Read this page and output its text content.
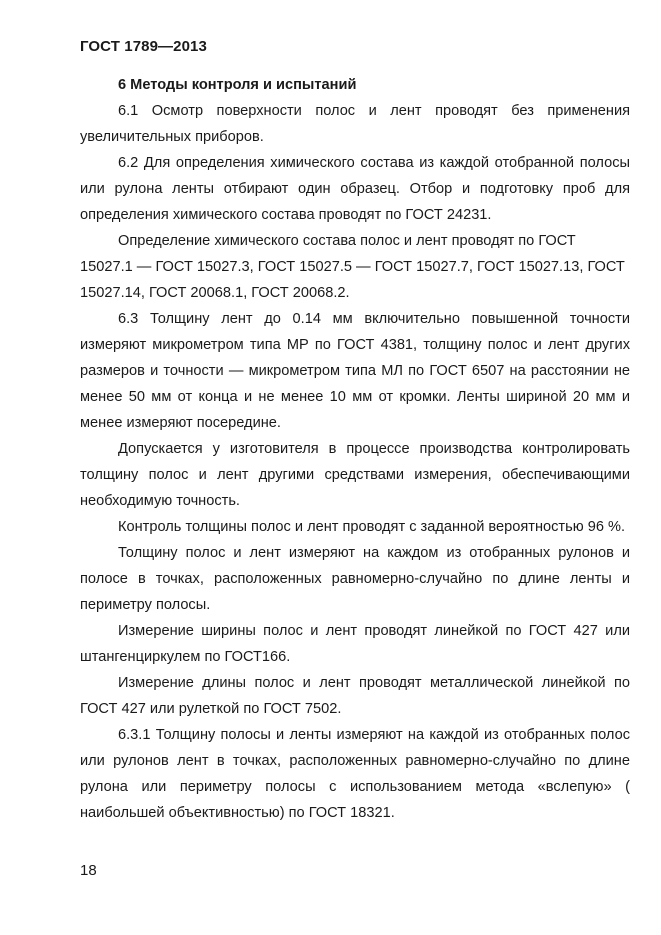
ГОСТ 1789—2013

6 Методы контроля и испытаний

6.1 Осмотр поверхности полос и лент проводят без применения увеличительных приборов.

6.2 Для определения химического состава из каждой отобранной полосы или рулона ленты отбирают один образец. Отбор и подготовку проб для определения химического состава проводят по ГОСТ 24231.

Определение химического состава полос и лент проводят по ГОСТ 15027.1 — ГОСТ 15027.3, ГОСТ 15027.5 — ГОСТ 15027.7, ГОСТ 15027.13, ГОСТ 15027.14, ГОСТ 20068.1, ГОСТ 20068.2.

6.3 Толщину лент до 0.14 мм включительно повышенной точности измеряют микрометром типа МР по ГОСТ 4381, толщину полос и лент других размеров и точности — микрометром типа МЛ по ГОСТ 6507 на расстоянии не менее 50 мм от конца и не менее 10 мм от кромки. Ленты шириной 20 мм и менее измеряют посередине.

Допускается у изготовителя в процессе производства контролировать толщину полос и лент другими средствами измерения, обеспечивающими необходимую точность.

Контроль толщины полос и лент проводят с заданной вероятностью 96 %.

Толщину полос и лент измеряют на каждом из отобранных рулонов и полосе в точках, расположенных равномерно-случайно по длине ленты и периметру полосы.

Измерение ширины полос и лент проводят линейкой по ГОСТ 427 или штангенциркулем по ГОСТ166.

Измерение длины полос и лент проводят металлической линейкой по ГОСТ 427 или рулеткой по ГОСТ 7502.

6.3.1 Толщину полосы и ленты измеряют на каждой из отобранных полос или рулонов лент в точках, расположенных равномерно-случайно по длине рулона или периметру полосы с использованием метода «вслепую» ( наибольшей объективностью) по ГОСТ 18321.

18
